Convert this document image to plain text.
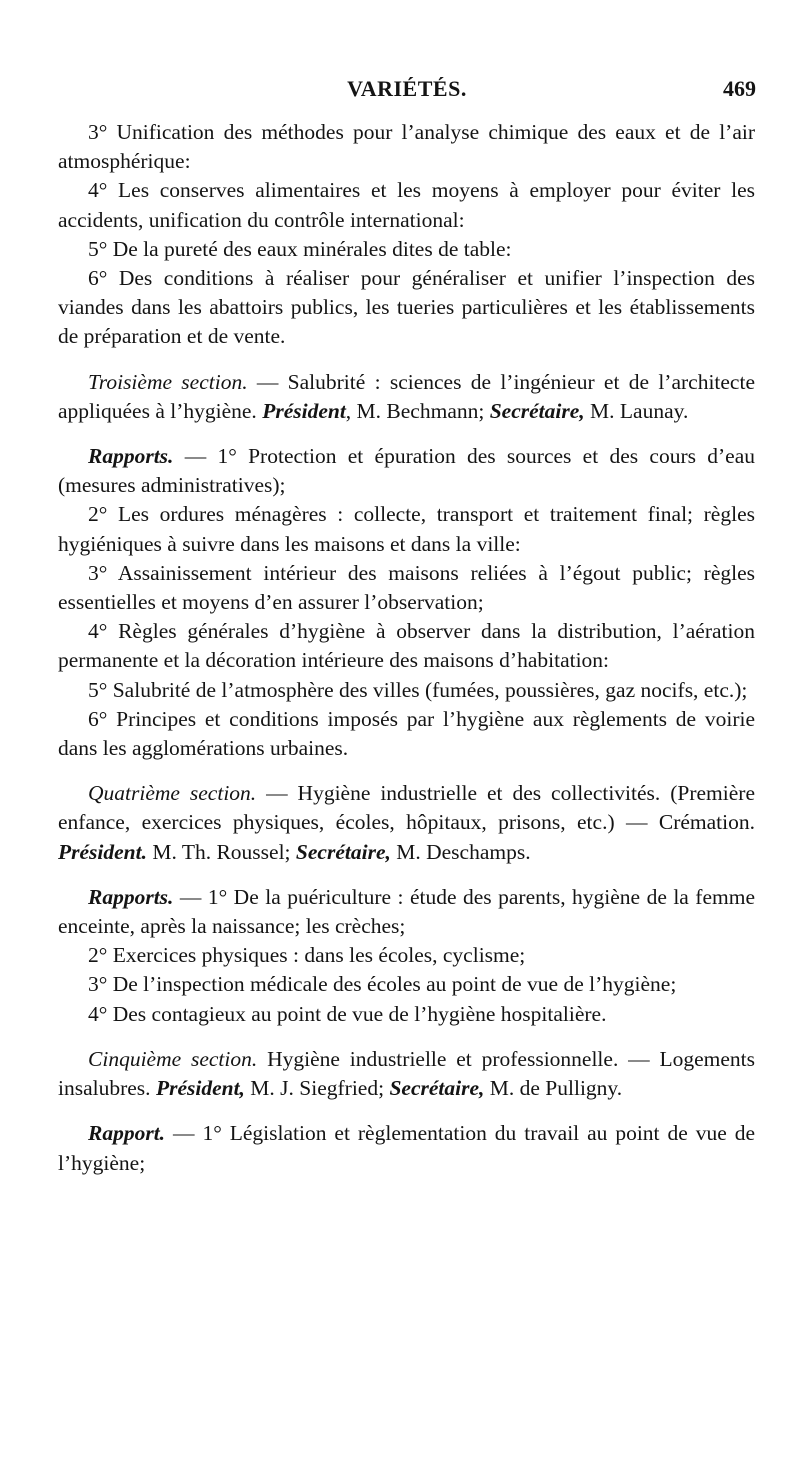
VARIÉTÉS.	469

3° Unification des méthodes pour l’analyse chimique des eaux et de l’air atmosphérique:

4° Les conserves alimentaires et les moyens à employer pour éviter les accidents, unification du contrôle international:

5° De la pureté des eaux minérales dites de table:

6° Des conditions à réaliser pour généraliser et unifier l’inspection des viandes dans les abattoirs publics, les tueries particulières et les établissements de préparation et de vente.

Troisième section. — Salubrité : sciences de l’ingénieur et de l’architecte appliquées à l’hygiène. Président, M. Bechmann; Secrétaire, M. Launay.

Rapports. — 1° Protection et épuration des sources et des cours d’eau (mesures administratives);

2° Les ordures ménagères : collecte, transport et traitement final; règles hygiéniques à suivre dans les maisons et dans la ville:

3° Assainissement intérieur des maisons reliées à l’égout public; règles essentielles et moyens d’en assurer l’observation;

4° Règles générales d’hygiène à observer dans la distribution, l’aération permanente et la décoration intérieure des maisons d’habitation:

5° Salubrité de l’atmosphère des villes (fumées, poussières, gaz nocifs, etc.);

6° Principes et conditions imposés par l’hygiène aux règlements de voirie dans les agglomérations urbaines.

Quatrième section. — Hygiène industrielle et des collectivités. (Première enfance, exercices physiques, écoles, hôpitaux, prisons, etc.) — Crémation. Président. M. Th. Roussel; Secrétaire, M. Deschamps.

Rapports. — 1° De la puériculture : étude des parents, hygiène de la femme enceinte, après la naissance; les crèches;

2° Exercices physiques : dans les écoles, cyclisme;

3° De l’inspection médicale des écoles au point de vue de l’hygiène;

4° Des contagieux au point de vue de l’hygiène hospitalière.

Cinquième section. Hygiène industrielle et professionnelle. — Logements insalubres. Président, M. J. Siegfried; Secrétaire, M. de Pulligny.

Rapport. — 1° Législation et règlementation du travail au point de vue de l’hygiène;
